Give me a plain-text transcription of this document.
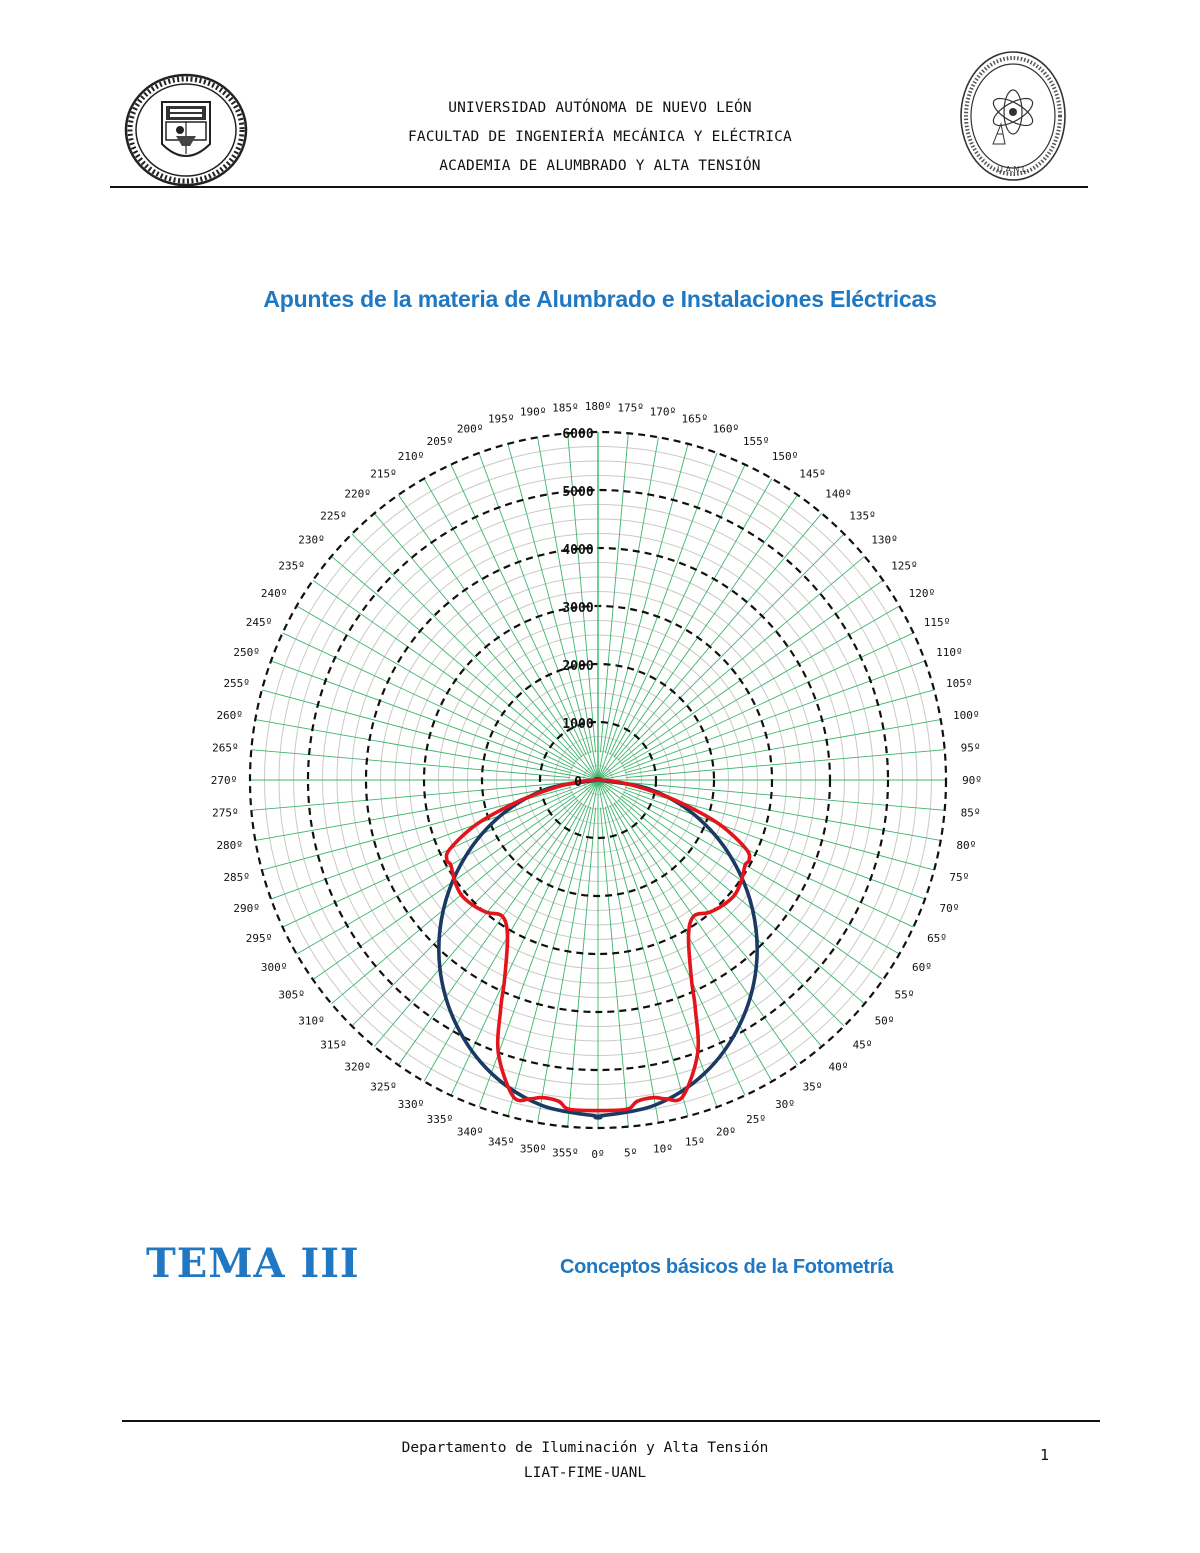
UNIVERSIDAD AUTÓNOMA DE NUEVO LEÓN
FACULTAD DE INGENIERÍA MECÁNICA Y ELÉCTRICA
ACADEMIA DE ALUMBRADO Y ALTA TENSIÓN	U.A.N.L.
Apuntes de la materia de Alumbrado e Instalaciones Eléctricas
0º 5º 10º
15º
20º
25º
30º
35º
40º
45º
50º
55º
60º
65º
70º
75º
80º
85º
90º
95º
100º
105º
110º
115º
120º
125º
130º
135º
140º
145º
150º
155º
160º
165º
170º
175º
180º
185º
190º
195º
200º
205º
210º
215º
220º
225º
230º
235º
240º
245º
250º
255º
260º
265º
270º
275º
280º
285º
290º
295º
300º
305º
310º
315º
320º
325º
330º
335º
340º
345º
350º 355º
0
1000
2000
3000
4000
5000
6000
TEMA III	Conceptos básicos de la Fotometría
Departamento de Iluminación y Alta Tensión
LIAT-FIME-UANL
1
